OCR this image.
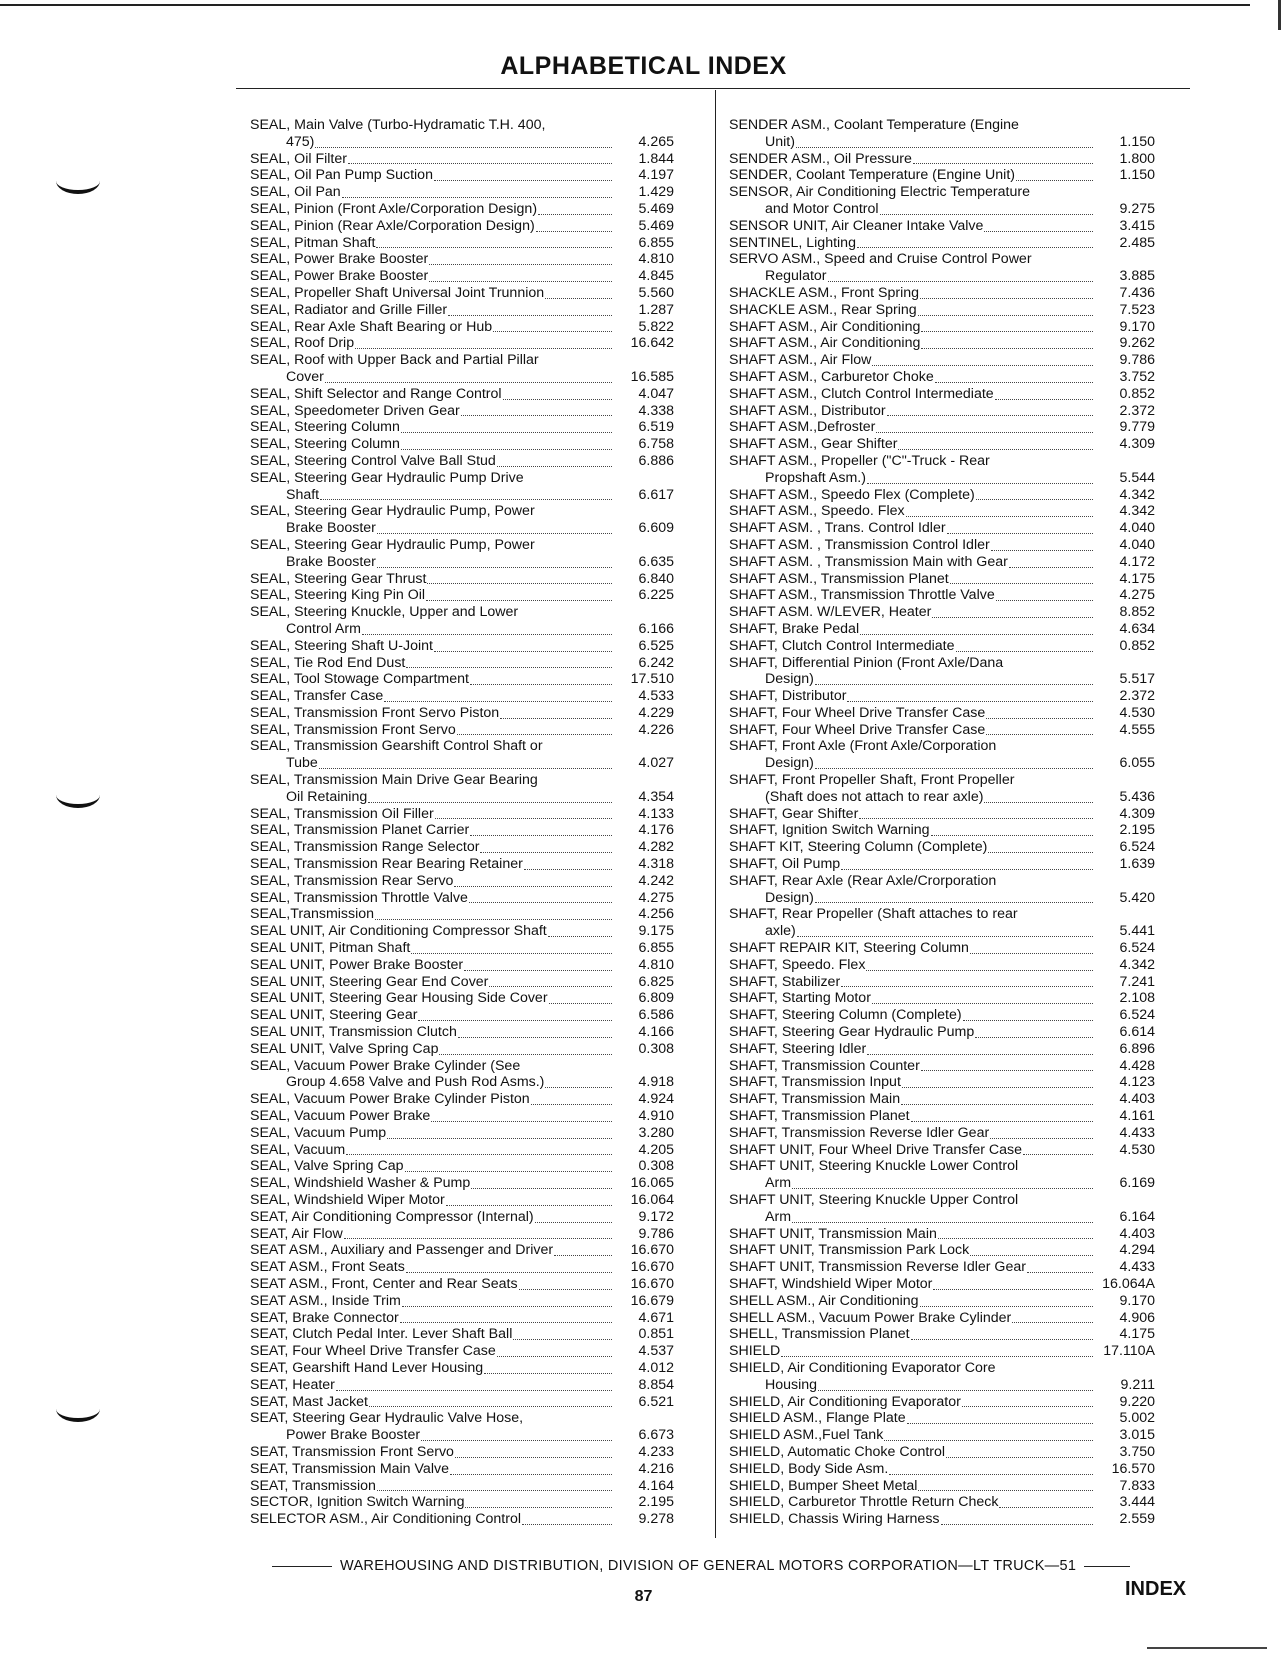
ALPHABETICAL INDEX
SEAL, Main Valve (Turbo-Hydramatic T.H. 400,
475)	4.265
SEAL, Oil Filter	1.844
SEAL, Oil Pan Pump Suction	4.197
SEAL, Oil Pan	1.429
SEAL, Pinion (Front Axle/Corporation Design)	5.469
SEAL, Pinion (Rear Axle/Corporation Design)	5.469
SEAL, Pitman Shaft	6.855
SEAL, Power Brake Booster	4.810
SEAL, Power Brake Booster	4.845
SEAL, Propeller Shaft Universal Joint Trunnion	5.560
SEAL, Radiator and Grille Filler	1.287
SEAL, Rear Axle Shaft Bearing or Hub	5.822
SEAL, Roof Drip	16.642
SEAL, Roof with Upper Back and Partial Pillar
Cover	16.585
SEAL, Shift Selector and Range Control	4.047
SEAL, Speedometer Driven Gear	4.338
SEAL, Steering Column	6.519
SEAL, Steering Column	6.758
SEAL, Steering Control Valve Ball Stud	6.886
SEAL, Steering Gear Hydraulic Pump Drive
Shaft	6.617
SEAL, Steering Gear Hydraulic Pump, Power
Brake Booster	6.609
SEAL, Steering Gear Hydraulic Pump, Power
Brake Booster	6.635
SEAL, Steering Gear Thrust	6.840
SEAL, Steering King Pin Oil	6.225
SEAL, Steering Knuckle, Upper and Lower
Control Arm	6.166
SEAL, Steering Shaft U-Joint	6.525
SEAL, Tie Rod End Dust	6.242
SEAL, Tool Stowage Compartment	17.510
SEAL, Transfer Case	4.533
SEAL, Transmission Front Servo Piston	4.229
SEAL, Transmission Front Servo	4.226
SEAL, Transmission Gearshift Control Shaft or
Tube	4.027
SEAL, Transmission Main Drive Gear Bearing
Oil Retaining	4.354
SEAL, Transmission Oil Filler	4.133
SEAL, Transmission Planet Carrier	4.176
SEAL, Transmission Range Selector	4.282
SEAL, Transmission Rear Bearing Retainer	4.318
SEAL, Transmission Rear Servo	4.242
SEAL, Transmission Throttle Valve	4.275
SEAL,Transmission	4.256
SEAL UNIT, Air Conditioning Compressor Shaft	9.175
SEAL UNIT, Pitman Shaft	6.855
SEAL UNIT, Power Brake Booster	4.810
SEAL UNIT, Steering Gear End Cover	6.825
SEAL UNIT, Steering Gear Housing Side Cover	6.809
SEAL UNIT, Steering Gear	6.586
SEAL UNIT, Transmission Clutch	4.166
SEAL UNIT, Valve Spring Cap	0.308
SEAL, Vacuum Power Brake Cylinder (See
Group 4.658 Valve and Push Rod Asms.)	4.918
SEAL, Vacuum Power Brake Cylinder Piston	4.924
SEAL, Vacuum Power Brake	4.910
SEAL, Vacuum Pump	3.280
SEAL, Vacuum	4.205
SEAL, Valve Spring Cap	0.308
SEAL, Windshield Washer & Pump	16.065
SEAL, Windshield Wiper Motor	16.064
SEAT, Air Conditioning Compressor (Internal)	9.172
SEAT, Air Flow	9.786
SEAT ASM., Auxiliary and Passenger and Driver	16.670
SEAT ASM., Front Seats	16.670
SEAT ASM., Front, Center and Rear Seats	16.670
SEAT ASM., Inside Trim	16.679
SEAT, Brake Connector	4.671
SEAT, Clutch Pedal Inter. Lever Shaft Ball	0.851
SEAT, Four Wheel Drive Transfer Case	4.537
SEAT, Gearshift Hand Lever Housing	4.012
SEAT, Heater	8.854
SEAT, Mast Jacket	6.521
SEAT, Steering Gear Hydraulic Valve Hose,
Power Brake Booster	6.673
SEAT, Transmission Front Servo	4.233
SEAT, Transmission Main Valve	4.216
SEAT, Transmission	4.164
SECTOR, Ignition Switch Warning	2.195
SELECTOR ASM., Air Conditioning Control	9.278
SENDER ASM., Coolant Temperature (Engine
Unit)	1.150
SENDER ASM., Oil Pressure	1.800
SENDER, Coolant Temperature (Engine Unit)	1.150
SENSOR, Air Conditioning Electric Temperature
and Motor Control	9.275
SENSOR UNIT, Air Cleaner Intake Valve	3.415
SENTINEL, Lighting	2.485
SERVO ASM., Speed and Cruise Control Power
Regulator	3.885
SHACKLE ASM., Front Spring	7.436
SHACKLE ASM., Rear Spring	7.523
SHAFT ASM., Air Conditioning	9.170
SHAFT ASM., Air Conditioning	9.262
SHAFT ASM., Air Flow	9.786
SHAFT ASM., Carburetor Choke	3.752
SHAFT ASM., Clutch Control Intermediate	0.852
SHAFT ASM., Distributor	2.372
SHAFT ASM.,Defroster	9.779
SHAFT ASM., Gear Shifter	4.309
SHAFT ASM., Propeller ("C"-Truck - Rear
Propshaft Asm.)	5.544
SHAFT ASM., Speedo Flex (Complete)	4.342
SHAFT ASM., Speedo. Flex	4.342
SHAFT ASM. , Trans. Control Idler	4.040
SHAFT ASM. , Transmission Control Idler	4.040
SHAFT ASM. , Transmission Main with Gear	4.172
SHAFT ASM., Transmission Planet	4.175
SHAFT ASM., Transmission Throttle Valve	4.275
SHAFT ASM. W/LEVER, Heater	8.852
SHAFT, Brake Pedal	4.634
SHAFT, Clutch Control Intermediate	0.852
SHAFT, Differential Pinion (Front Axle/Dana
Design)	5.517
SHAFT, Distributor	2.372
SHAFT, Four Wheel Drive Transfer Case	4.530
SHAFT, Four Wheel Drive Transfer Case	4.555
SHAFT, Front Axle (Front Axle/Corporation
Design)	6.055
SHAFT, Front Propeller Shaft, Front Propeller
(Shaft does not attach to rear axle)	5.436
SHAFT, Gear Shifter	4.309
SHAFT, Ignition Switch Warning	2.195
SHAFT KIT, Steering Column (Complete)	6.524
SHAFT, Oil Pump	1.639
SHAFT, Rear Axle (Rear Axle/Crorporation
Design)	5.420
SHAFT, Rear Propeller (Shaft attaches to rear
axle)	5.441
SHAFT REPAIR KIT, Steering Column	6.524
SHAFT, Speedo. Flex	4.342
SHAFT, Stabilizer	7.241
SHAFT, Starting Motor	2.108
SHAFT, Steering Column (Complete)	6.524
SHAFT, Steering Gear Hydraulic Pump	6.614
SHAFT, Steering Idler	6.896
SHAFT, Transmission Counter	4.428
SHAFT, Transmission Input	4.123
SHAFT, Transmission Main	4.403
SHAFT, Transmission Planet	4.161
SHAFT, Transmission Reverse Idler Gear	4.433
SHAFT UNIT, Four Wheel Drive Transfer Case	4.530
SHAFT UNIT, Steering Knuckle Lower Control
Arm	6.169
SHAFT UNIT, Steering Knuckle Upper Control
Arm	6.164
SHAFT UNIT, Transmission Main	4.403
SHAFT UNIT, Transmission Park Lock	4.294
SHAFT UNIT, Transmission Reverse Idler Gear	4.433
SHAFT, Windshield Wiper Motor	16.064A
SHELL ASM., Air Conditioning	9.170
SHELL ASM., Vacuum Power Brake Cylinder	4.906
SHELL, Transmission Planet	4.175
SHIELD	17.110A
SHIELD, Air Conditioning Evaporator Core
Housing	9.211
SHIELD, Air Conditioning Evaporator	9.220
SHIELD ASM., Flange Plate	5.002
SHIELD ASM.,Fuel Tank	3.015
SHIELD, Automatic Choke Control	3.750
SHIELD, Body Side Asm.	16.570
SHIELD, Bumper Sheet Metal	7.833
SHIELD, Carburetor Throttle Return Check	3.444
SHIELD, Chassis Wiring Harness	2.559
WAREHOUSING AND DISTRIBUTION, DIVISION OF GENERAL MOTORS CORPORATION—LT TRUCK—51
87	INDEX
